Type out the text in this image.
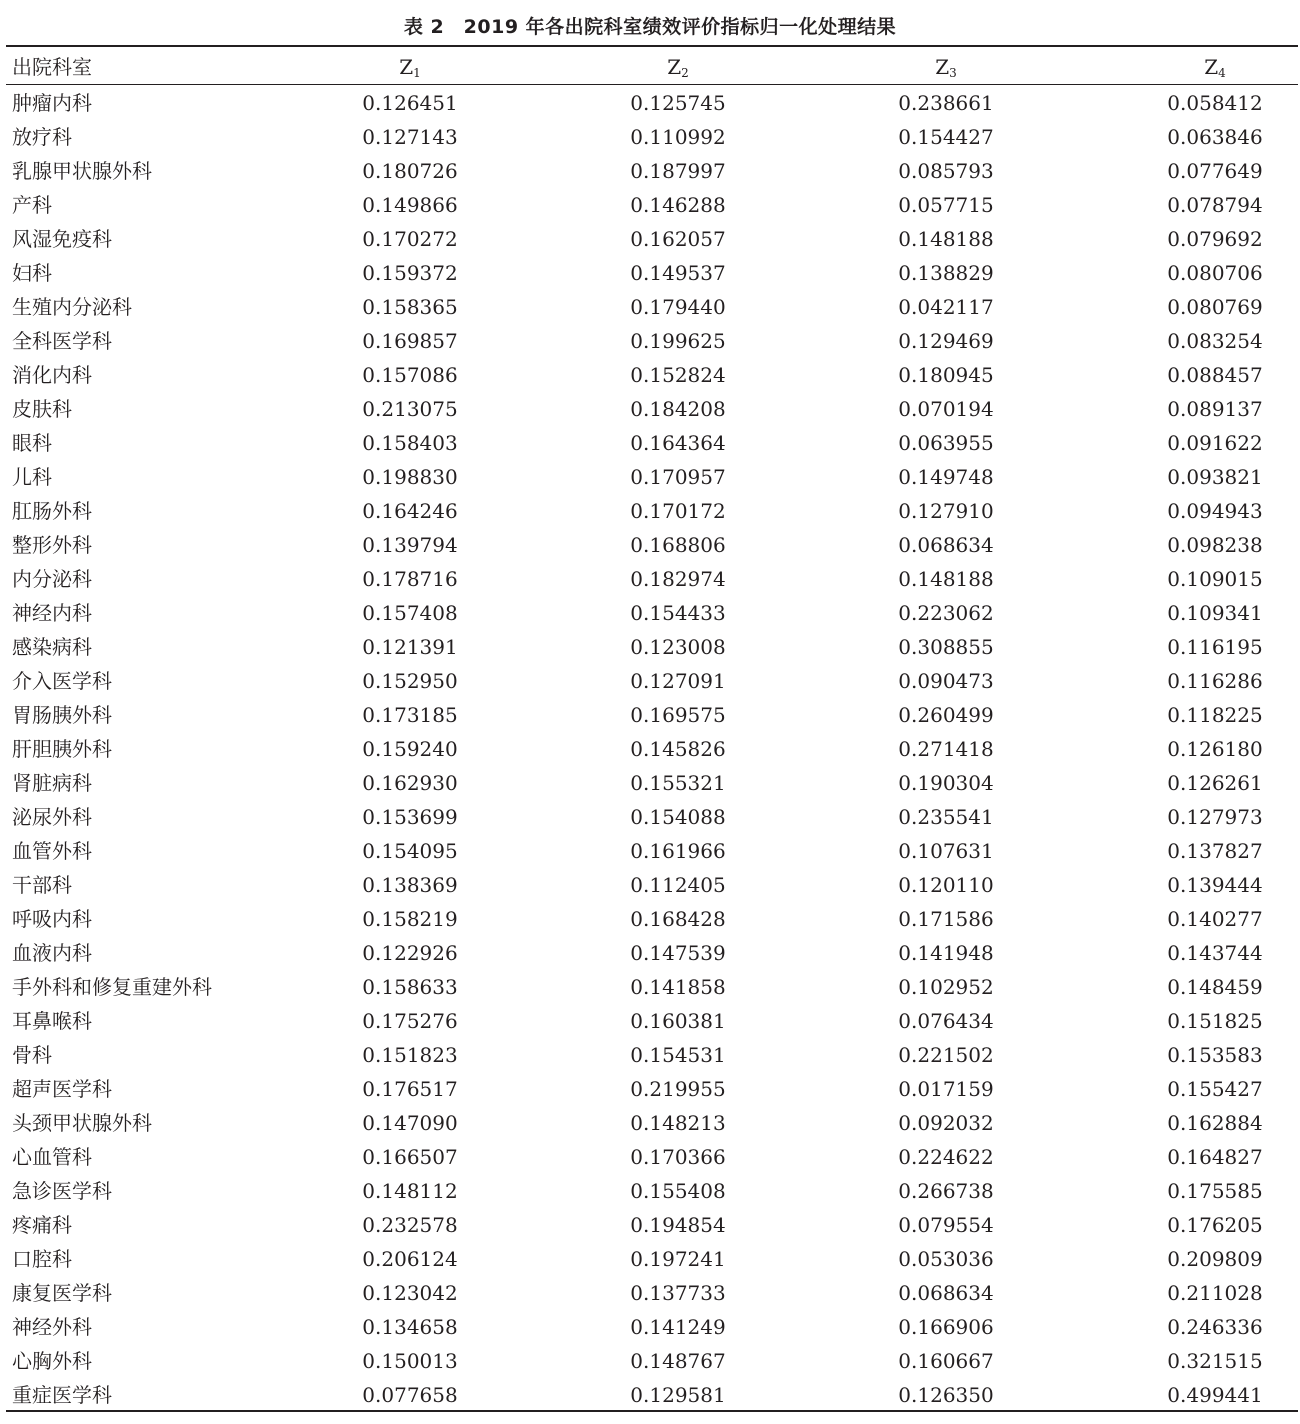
表 2　2019 年各出院科室绩效评价指标归一化处理结果
出院科室	$Z_1$	$Z_2$	$Z_3$	$Z_4$
肿瘤内科	0.126451	0.125745	0.238661	0.058412
放疗科	0.127143	0.110992	0.154427	0.063846
乳腺甲状腺外科	0.180726	0.187997	0.085793	0.077649
产科	0.149866	0.146288	0.057715	0.078794
风湿免疫科	0.170272	0.162057	0.148188	0.079692
妇科	0.159372	0.149537	0.138829	0.080706
生殖内分泌科	0.158365	0.179440	0.042117	0.080769
全科医学科	0.169857	0.199625	0.129469	0.083254
消化内科	0.157086	0.152824	0.180945	0.088457
皮肤科	0.213075	0.184208	0.070194	0.089137
眼科	0.158403	0.164364	0.063955	0.091622
儿科	0.198830	0.170957	0.149748	0.093821
肛肠外科	0.164246	0.170172	0.127910	0.094943
整形外科	0.139794	0.168806	0.068634	0.098238
内分泌科	0.178716	0.182974	0.148188	0.109015
神经内科	0.157408	0.154433	0.223062	0.109341
感染病科	0.121391	0.123008	0.308855	0.116195
介入医学科	0.152950	0.127091	0.090473	0.116286
胃肠胰外科	0.173185	0.169575	0.260499	0.118225
肝胆胰外科	0.159240	0.145826	0.271418	0.126180
肾脏病科	0.162930	0.155321	0.190304	0.126261
泌尿外科	0.153699	0.154088	0.235541	0.127973
血管外科	0.154095	0.161966	0.107631	0.137827
干部科	0.138369	0.112405	0.120110	0.139444
呼吸内科	0.158219	0.168428	0.171586	0.140277
血液内科	0.122926	0.147539	0.141948	0.143744
手外科和修复重建外科	0.158633	0.141858	0.102952	0.148459
耳鼻喉科	0.175276	0.160381	0.076434	0.151825
骨科	0.151823	0.154531	0.221502	0.153583
超声医学科	0.176517	0.219955	0.017159	0.155427
头颈甲状腺外科	0.147090	0.148213	0.092032	0.162884
心血管科	0.166507	0.170366	0.224622	0.164827
急诊医学科	0.148112	0.155408	0.266738	0.175585
疼痛科	0.232578	0.194854	0.079554	0.176205
口腔科	0.206124	0.197241	0.053036	0.209809
康复医学科	0.123042	0.137733	0.068634	0.211028
神经外科	0.134658	0.141249	0.166906	0.246336
心胸外科	0.150013	0.148767	0.160667	0.321515
重症医学科	0.077658	0.129581	0.126350	0.499441
